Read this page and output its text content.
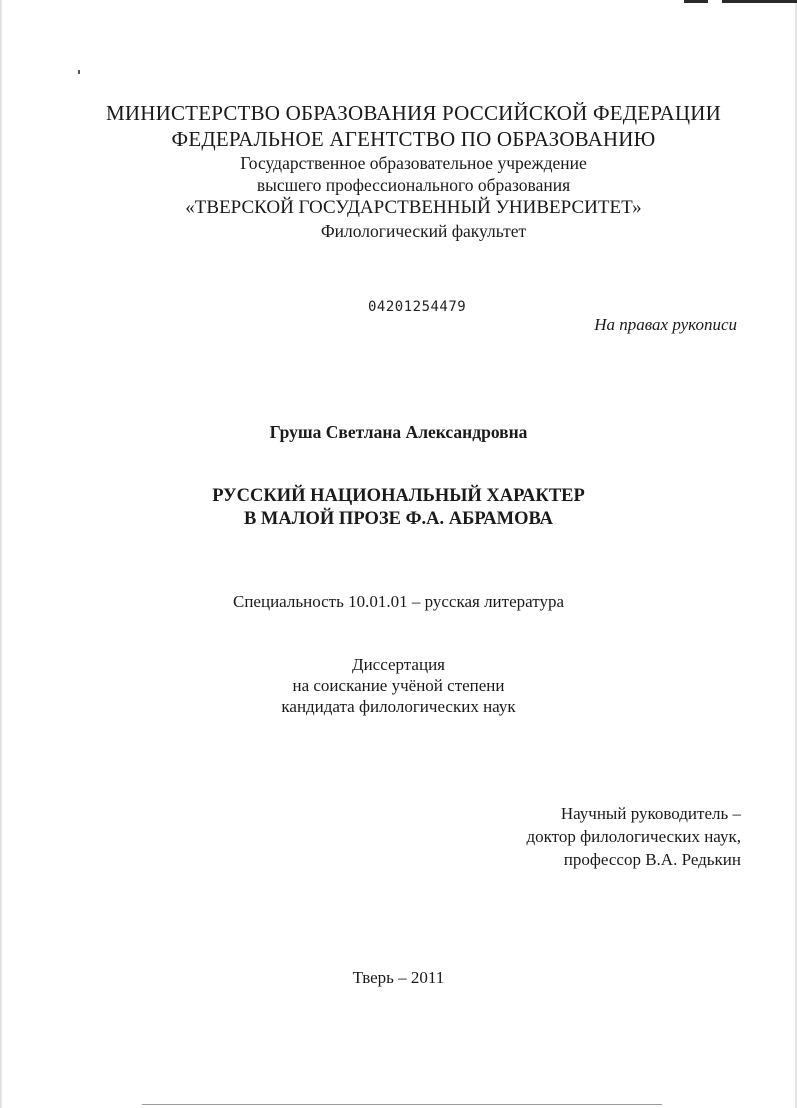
МИНИСТЕРСТВО ОБРАЗОВАНИЯ РОССИЙСКОЙ ФЕДЕРАЦИИ
ФЕДЕРАЛЬНОЕ АГЕНТСТВО ПО ОБРАЗОВАНИЮ
Государственное образовательное учреждение
высшего профессионального образования
«ТВЕРСКОЙ ГОСУДАРСТВЕННЫЙ УНИВЕРСИТЕТ»
Филологический факультет
04201254479
На правах рукописи
Груша Светлана Александровна
РУССКИЙ НАЦИОНАЛЬНЫЙ ХАРАКТЕР
В МАЛОЙ ПРОЗЕ Ф.А. АБРАМОВА
Специальность 10.01.01 – русская литература
Диссертация
на соискание учёной степени
кандидата филологических наук
Научный руководитель –
доктор филологических наук,
профессор В.А. Редькин
Тверь – 2011
